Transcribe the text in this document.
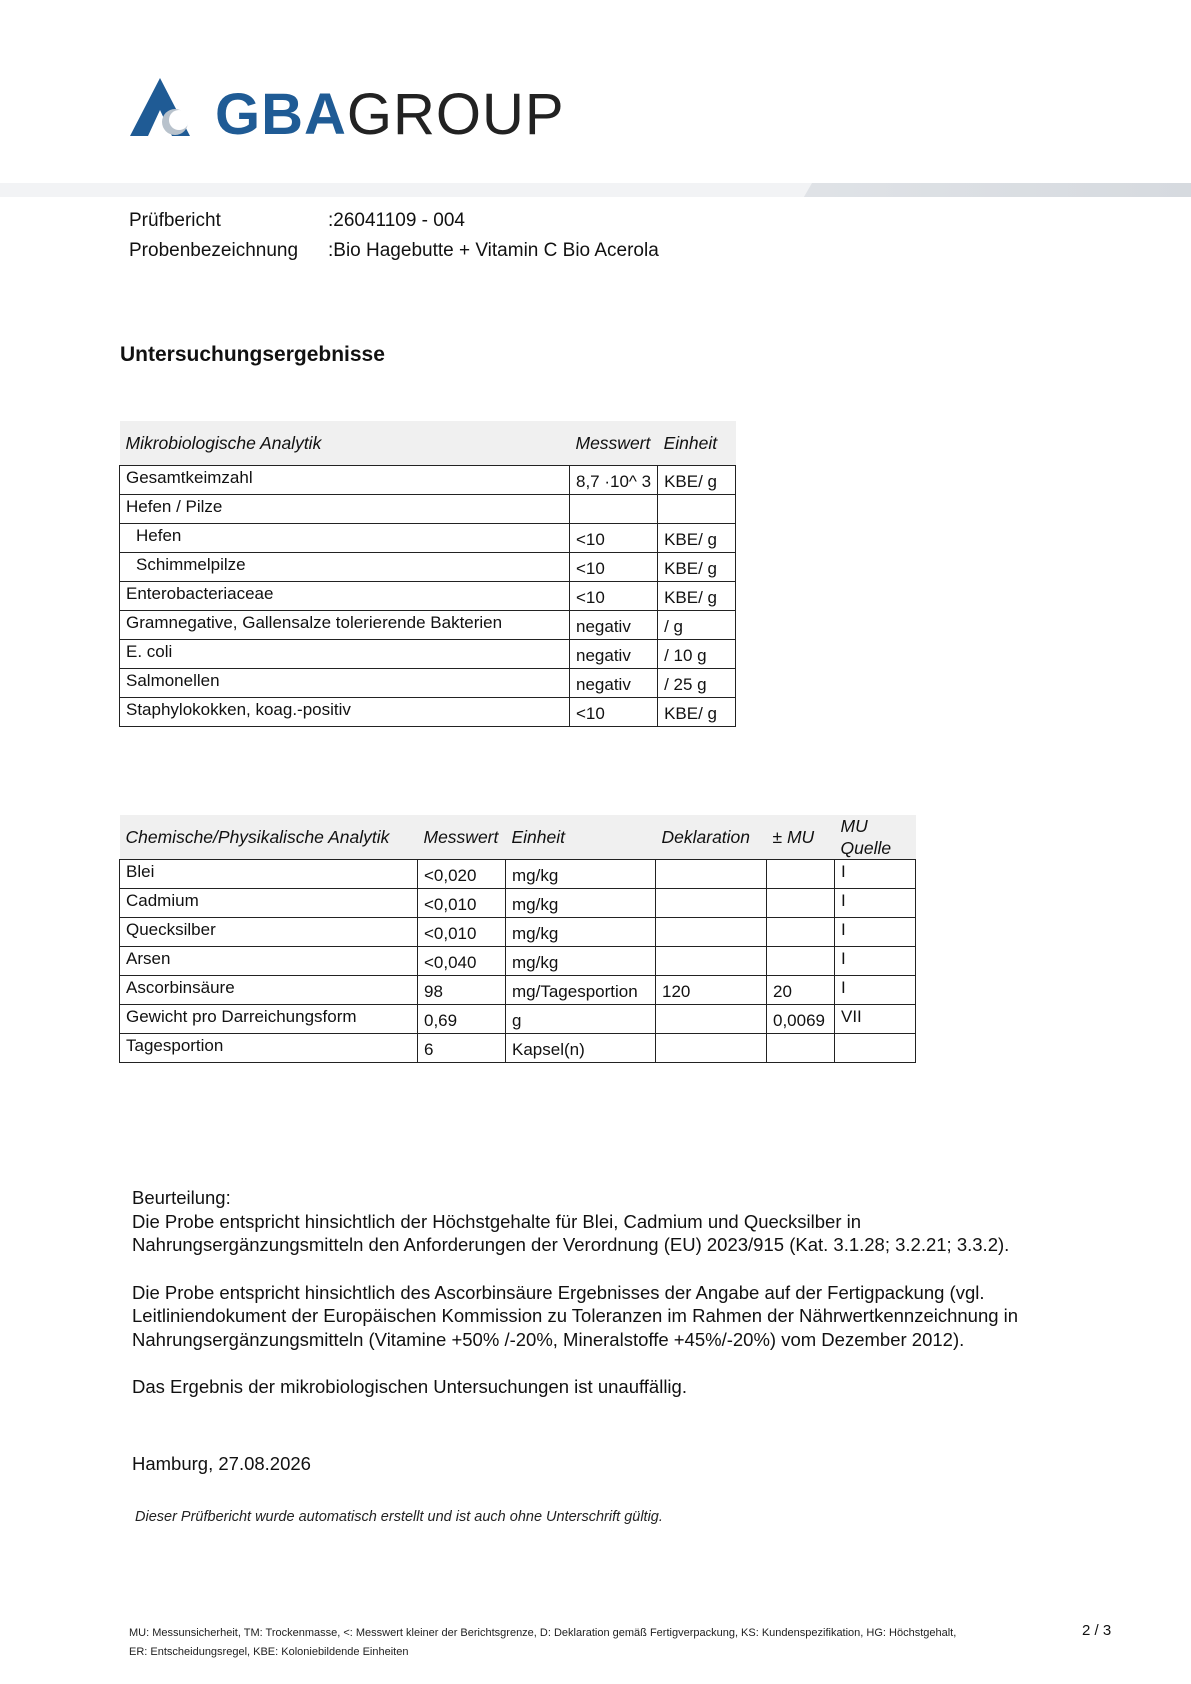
GBAGROUP
Prüfbericht	:26041109 - 004
Probenbezeichnung :Bio Hagebutte + Vitamin C Bio Acerola
Untersuchungsergebnisse
Mikrobiologische Analytik	Messwert	Einheit
Gesamtkeimzahl	8,7 ·10^ 3	KBE/ g
Hefen / Pilze		
Hefen	<10	KBE/ g
Schimmelpilze	<10	KBE/ g
Enterobacteriaceae	<10	KBE/ g
Gramnegative, Gallensalze tolerierende Bakterien	negativ	/ g
E. coli	negativ	/ 10 g
Salmonellen	negativ	/ 25 g
Staphylokokken, koag.-positiv	<10	KBE/ g
Chemische/Physikalische Analytik	Messwert	Einheit	Deklaration	± MU	MU
Quelle
Blei	<0,020	mg/kg			I
Cadmium	<0,010	mg/kg			I
Quecksilber	<0,010	mg/kg			I
Arsen	<0,040	mg/kg			I
Ascorbinsäure	98	mg/Tagesportion	120	20	I
Gewicht pro Darreichungsform	0,69	g		0,0069	VII
Tagesportion	6	Kapsel(n)			
Beurteilung:
Die Probe entspricht hinsichtlich der Höchstgehalte für Blei, Cadmium und Quecksilber in
Nahrungsergänzungsmitteln den Anforderungen der Verordnung (EU) 2023/915 (Kat. 3.1.28; 3.2.21; 3.3.2).
Die Probe entspricht hinsichtlich des Ascorbinsäure Ergebnisses der Angabe auf der Fertigpackung (vgl.
Leitliniendokument der Europäischen Kommission zu Toleranzen im Rahmen der Nährwertkennzeichnung in
Nahrungsergänzungsmitteln (Vitamine +50% /-20%, Mineralstoffe +45%/-20%) vom Dezember 2012).
Das Ergebnis der mikrobiologischen Untersuchungen ist unauffällig.
Hamburg, 27.08.2026
Dieser Prüfbericht wurde automatisch erstellt und ist auch ohne Unterschrift gültig.
MU: Messunsicherheit, TM: Trockenmasse, <: Messwert kleiner der Berichtsgrenze, D: Deklaration gemäß Fertigverpackung, KS: Kundenspezifikation, HG: Höchstgehalt,
ER: Entscheidungsregel, KBE: Koloniebildende Einheiten
2 / 3
